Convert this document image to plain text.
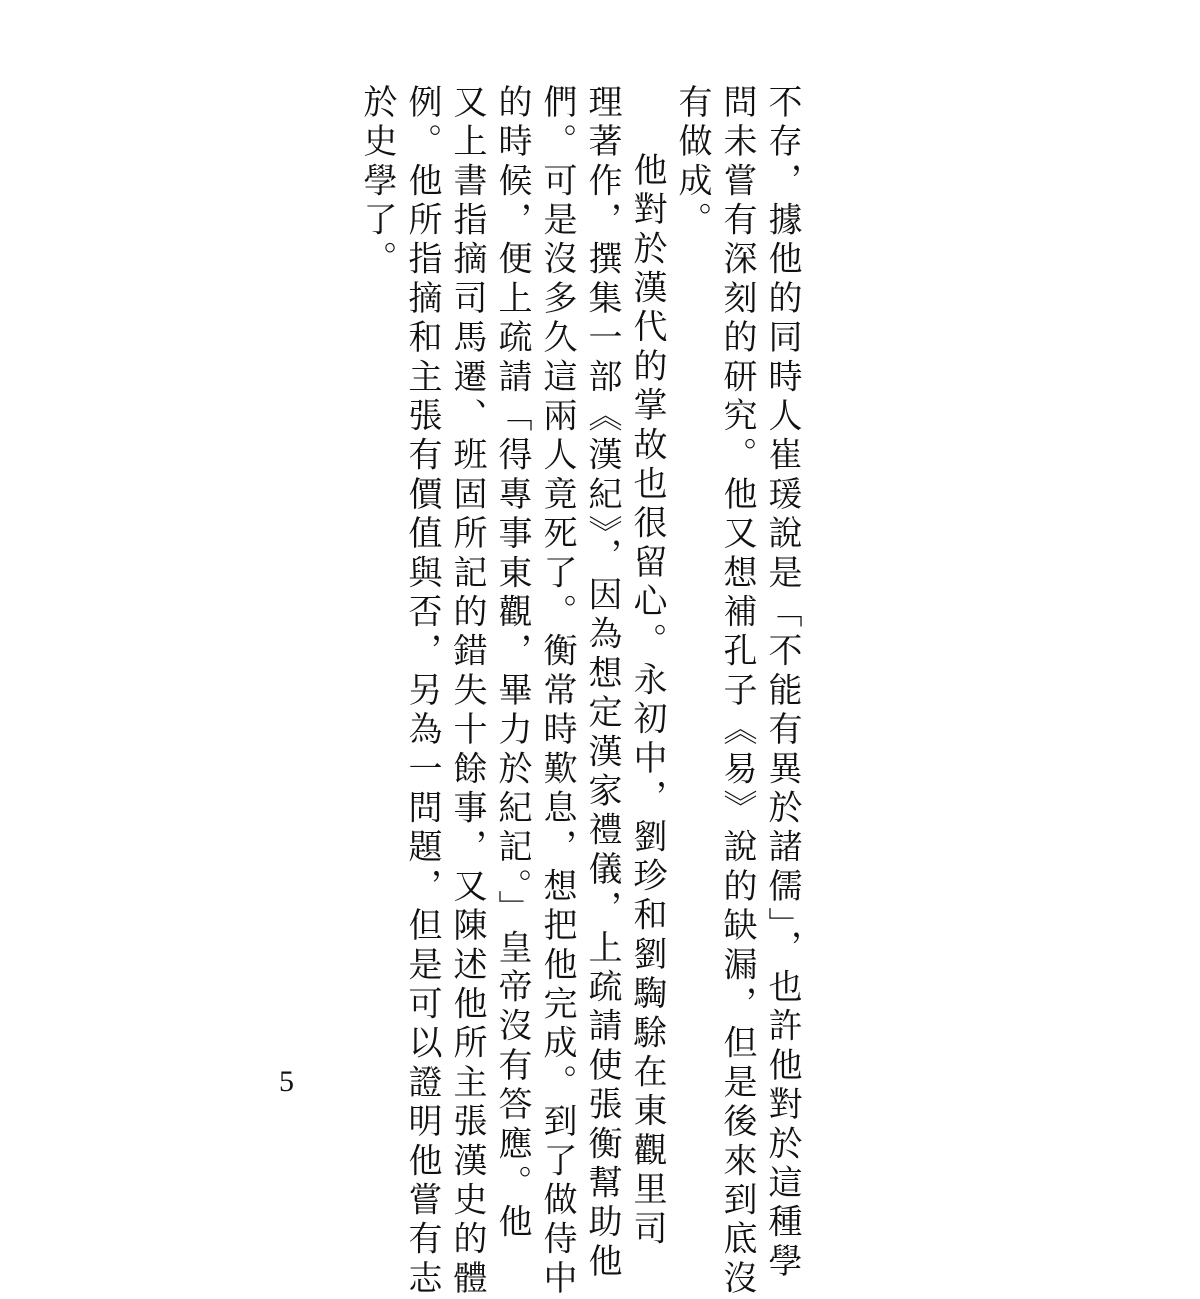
不存，據他的同時人崔瑗說是「不能有異於諸儒」，也許他對於這種學

問未嘗有深刻的研究。他又想補孔子《易》說的缺漏，但是後來到底沒

有做成。

他對於漢代的掌故也很留心。永初中，劉珍和劉騊駼在東觀里司

理著作，撰集一部《漢紀》，因為想定漢家禮儀，上疏請使張衡幫助他

們。可是沒多久這兩人竟死了。衡常時歎息，想把他完成。到了做侍中

的時候，便上疏請「得專事東觀，畢力於紀記。」皇帝沒有答應。他

又上書指摘司馬遷、班固所記的錯失十餘事，又陳述他所主張漢史的體

例。他所指摘和主張有價值與否，另為一問題，但是可以證明他嘗有志

於史學了。

5
